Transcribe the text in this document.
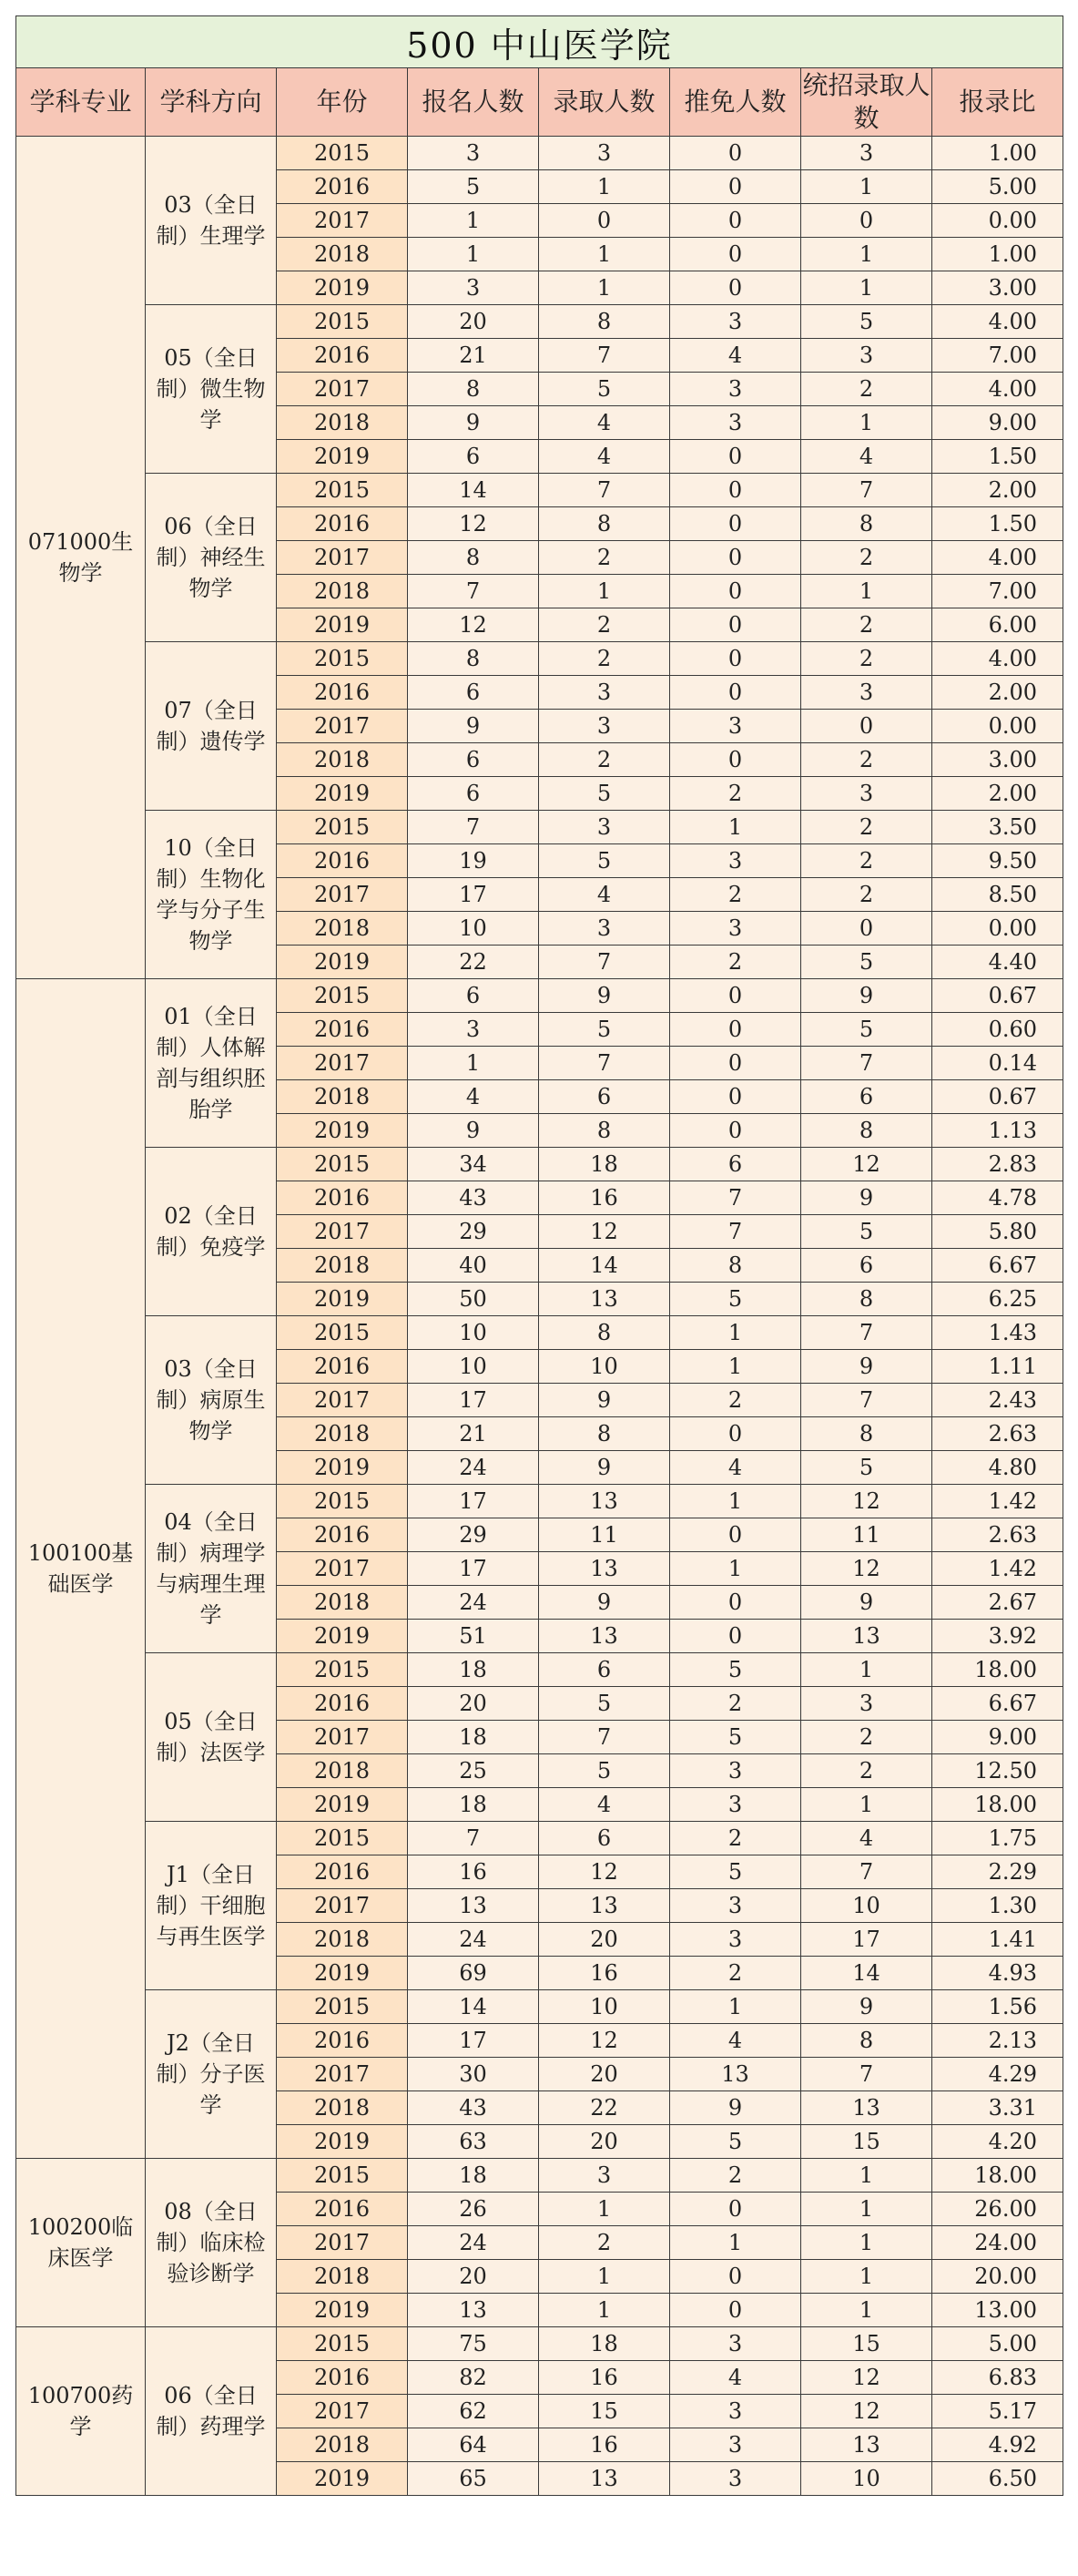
500 中山医学院							
学科专业	学科方向	年份	报名人数	录取人数	推免人数	统招录取人数	报录比
071000生物学	03（全日制）生理学	2015	3	3	0	3	1.00
		2016	5	1	0	1	5.00
		2017	1	0	0	0	0.00
		2018	1	1	0	1	1.00
		2019	3	1	0	1	3.00
	05（全日制）微生物学	2015	20	8	3	5	4.00
		2016	21	7	4	3	7.00
		2017	8	5	3	2	4.00
		2018	9	4	3	1	9.00
		2019	6	4	0	4	1.50
	06（全日制）神经生物学	2015	14	7	0	7	2.00
		2016	12	8	0	8	1.50
		2017	8	2	0	2	4.00
		2018	7	1	0	1	7.00
		2019	12	2	0	2	6.00
	07（全日制）遗传学	2015	8	2	0	2	4.00
		2016	6	3	0	3	2.00
		2017	9	3	3	0	0.00
		2018	6	2	0	2	3.00
		2019	6	5	2	3	2.00
	10（全日制）生物化学与分子生物学	2015	7	3	1	2	3.50
		2016	19	5	3	2	9.50
		2017	17	4	2	2	8.50
		2018	10	3	3	0	0.00
		2019	22	7	2	5	4.40
100100基础医学	01（全日制）人体解剖与组织胚胎学	2015	6	9	0	9	0.67
		2016	3	5	0	5	0.60
		2017	1	7	0	7	0.14
		2018	4	6	0	6	0.67
		2019	9	8	0	8	1.13
	02（全日制）免疫学	2015	34	18	6	12	2.83
		2016	43	16	7	9	4.78
		2017	29	12	7	5	5.80
		2018	40	14	8	6	6.67
		2019	50	13	5	8	6.25
	03（全日制）病原生物学	2015	10	8	1	7	1.43
		2016	10	10	1	9	1.11
		2017	17	9	2	7	2.43
		2018	21	8	0	8	2.63
		2019	24	9	4	5	4.80
	04（全日制）病理学与病理生理学	2015	17	13	1	12	1.42
		2016	29	11	0	11	2.63
		2017	17	13	1	12	1.42
		2018	24	9	0	9	2.67
		2019	51	13	0	13	3.92
	05（全日制）法医学	2015	18	6	5	1	18.00
		2016	20	5	2	3	6.67
		2017	18	7	5	2	9.00
		2018	25	5	3	2	12.50
		2019	18	4	3	1	18.00
	J1（全日制）干细胞与再生医学	2015	7	6	2	4	1.75
		2016	16	12	5	7	2.29
		2017	13	13	3	10	1.30
		2018	24	20	3	17	1.41
		2019	69	16	2	14	4.93
	J2（全日制）分子医学	2015	14	10	1	9	1.56
		2016	17	12	4	8	2.13
		2017	30	20	13	7	4.29
		2018	43	22	9	13	3.31
		2019	63	20	5	15	4.20
100200临床医学	08（全日制）临床检验诊断学	2015	18	3	2	1	18.00
		2016	26	1	0	1	26.00
		2017	24	2	1	1	24.00
		2018	20	1	0	1	20.00
		2019	13	1	0	1	13.00
100700药学	06（全日制）药理学	2015	75	18	3	15	5.00
		2016	82	16	4	12	6.83
		2017	62	15	3	12	5.17
		2018	64	16	3	13	4.92
		2019	65	13	3	10	6.50
